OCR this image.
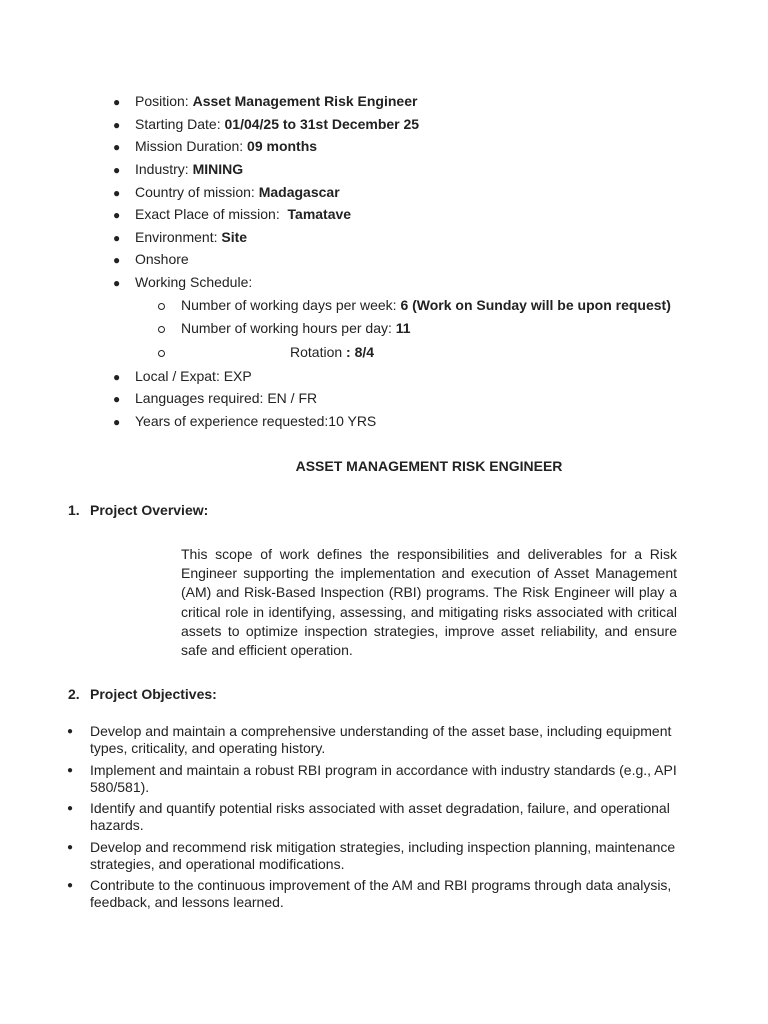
● Position: Asset Management Risk Engineer
● Starting Date: 01/04/25 to 31st December 25
● Mission Duration: 09 months
● Industry: MINING
● Country of mission: Madagascar
● Exact Place of mission:  Tamatave
● Environment: Site
● Onshore
● Working Schedule:
Number of working days per week: 6 (Work on Sunday will be upon request)
Number of working hours per day: 11
Rotation : 8/4
● Local / Expat: EXP
● Languages required: EN / FR
● Years of experience requested:10 YRS
ASSET MANAGEMENT RISK ENGINEER
1. Project Overview:
This scope of work defines the responsibilities and deliverables for a Risk Engineer supporting the implementation and execution of Asset Management (AM) and Risk-Based Inspection (RBI) programs. The Risk Engineer will play a critical role in identifying, assessing, and mitigating risks associated with critical assets to optimize inspection strategies, improve asset reliability, and ensure safe and efficient operation.
2. Project Objectives:
● Develop and maintain a comprehensive understanding of the asset base, including equipment types, criticality, and operating history.
● Implement and maintain a robust RBI program in accordance with industry standards (e.g., API 580/581).
● Identify and quantify potential risks associated with asset degradation, failure, and operational hazards.
● Develop and recommend risk mitigation strategies, including inspection planning, maintenance strategies, and operational modifications.
● Contribute to the continuous improvement of the AM and RBI programs through data analysis, feedback, and lessons learned.
